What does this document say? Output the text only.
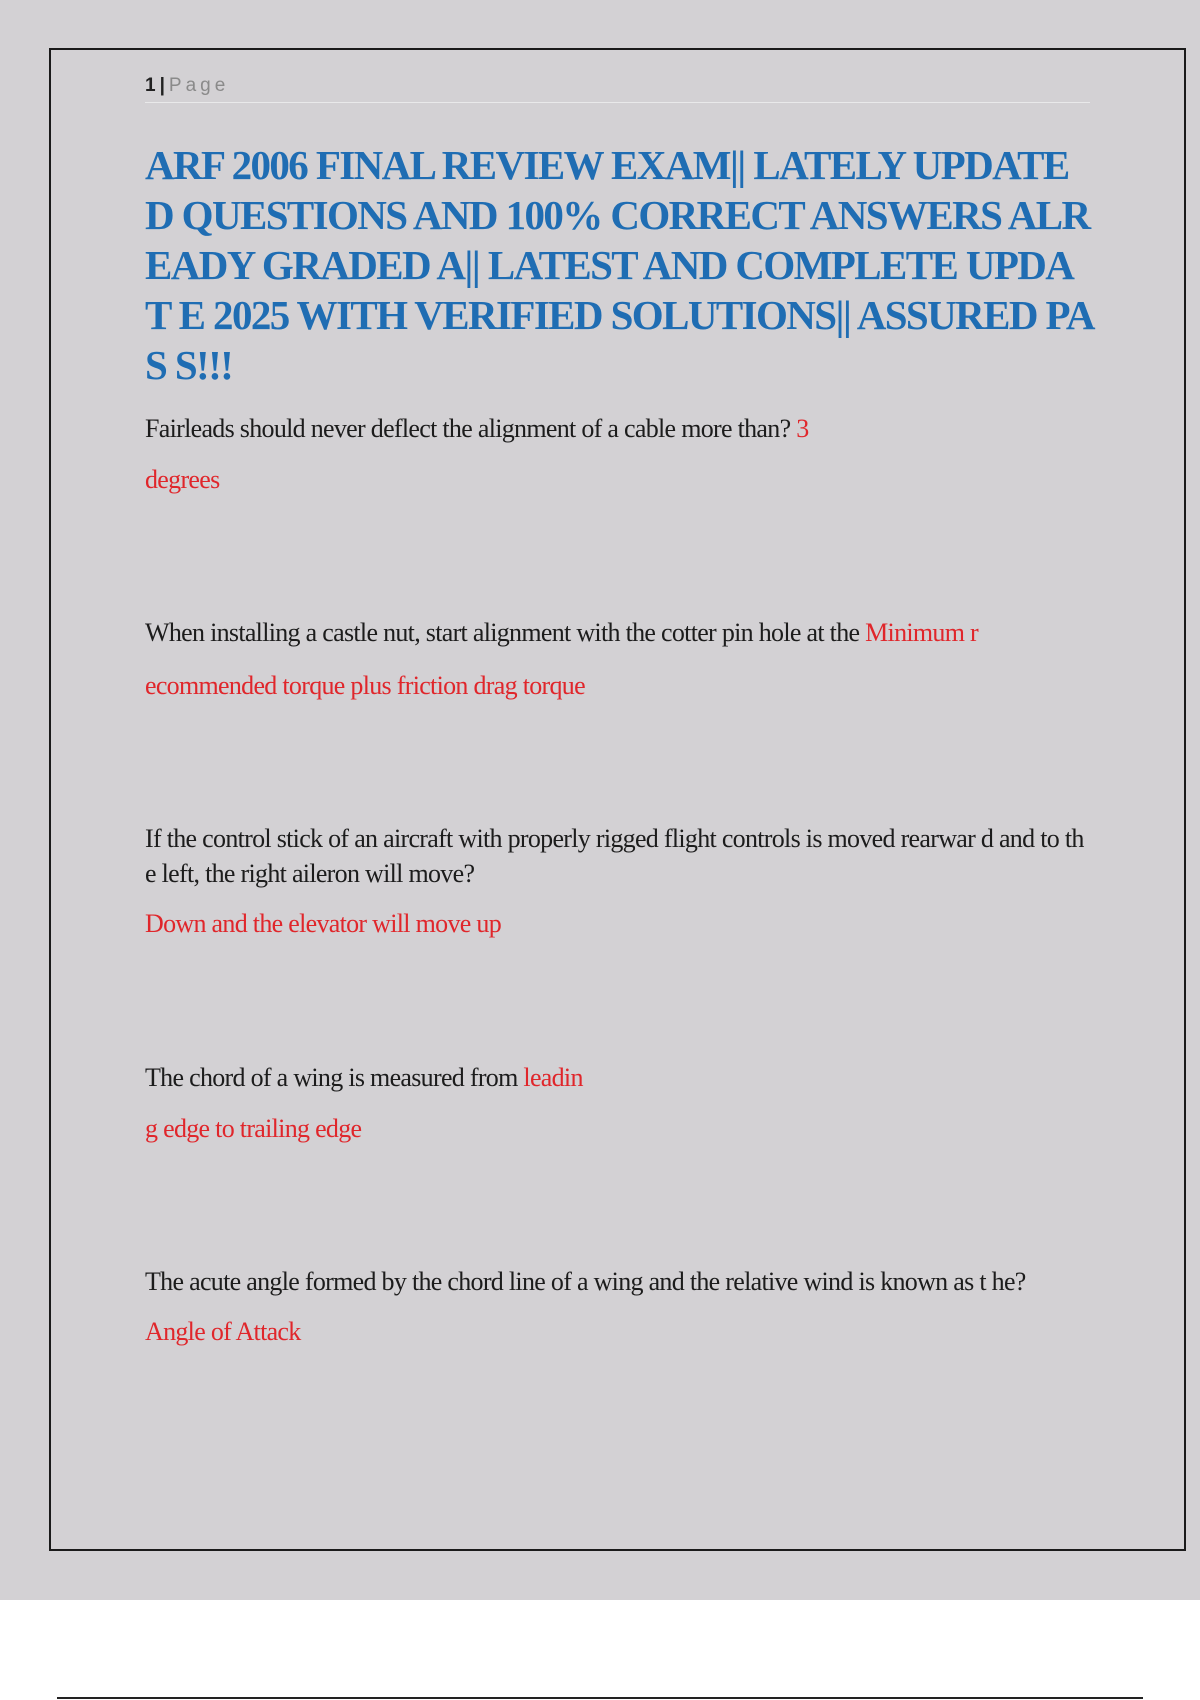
1 | Page
ARF 2006 FINAL REVIEW EXAM|| LATELY UPDATE D QUESTIONS AND 100% CORRECT ANSWERS ALR EADY GRADED A|| LATEST AND COMPLETE UPDAT E 2025 WITH VERIFIED SOLUTIONS|| ASSURED PAS S!!!
Fairleads should never deflect the alignment of a cable more than? 3
degrees
When installing a castle nut, start alignment with the cotter pin hole at the Minimum r
ecommended torque plus friction drag torque
If the control stick of an aircraft with properly rigged flight controls is moved rearwar d and to the left, the right aileron will move?
Down and the elevator will move up
The chord of a wing is measured from leadin
g edge to trailing edge
The acute angle formed by the chord line of a wing and the relative wind is known as t he?
Angle of Attack
